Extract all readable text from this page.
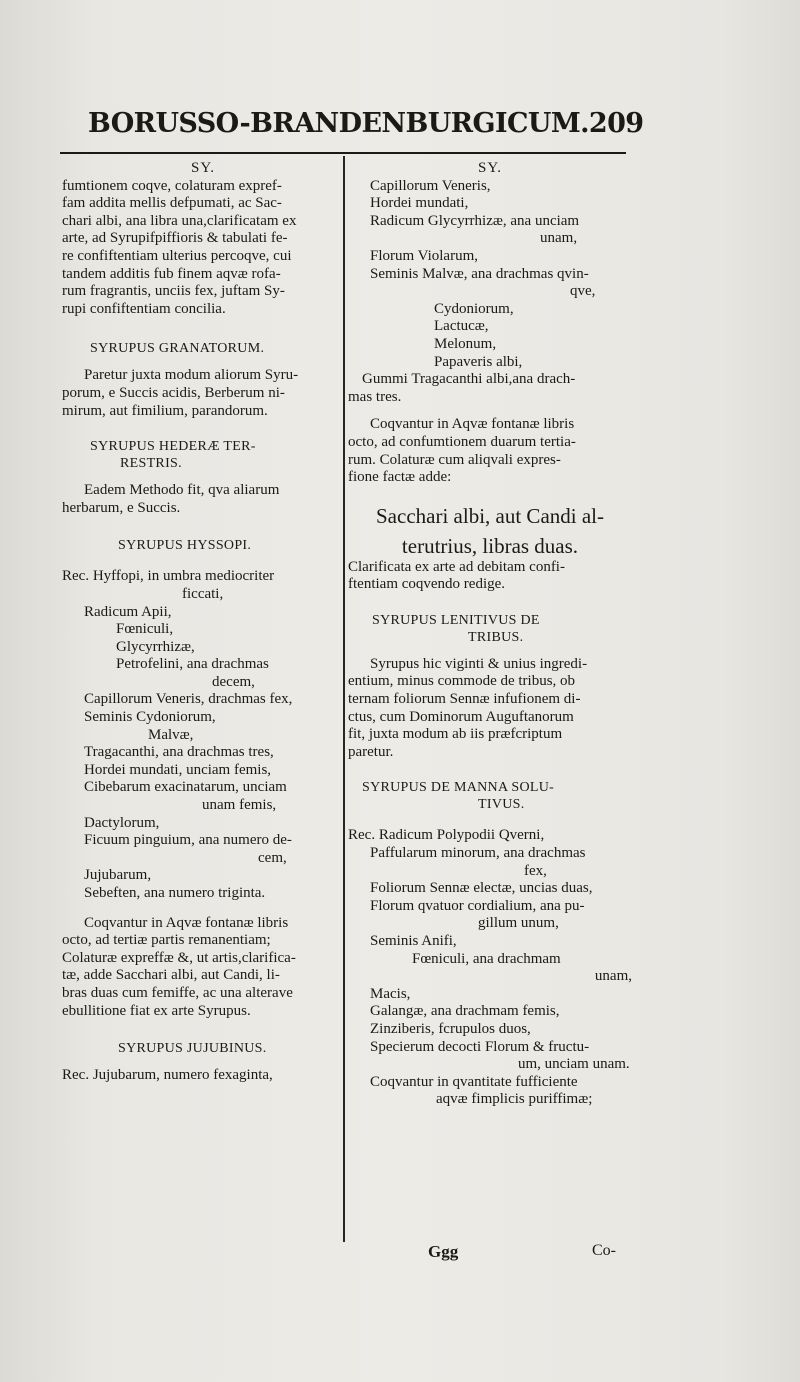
BORUSSO-BRANDENBURGICUM.209

SY.

fumtionem coqve, colaturam expref-

fam addita mellis defpumati, ac Sac-

chari albi, ana libra una,clarificatam ex

arte, ad Syrupifpiffioris & tabulati fe-

re confiftentiam ulterius percoqve, cui

tandem additis fub finem aqvæ rofa-

rum fragrantis, unciis fex, juftam Sy-

rupi confiftentiam concilia.

SYRUPUS GRANATORUM.

Paretur juxta modum aliorum Syru-

porum, e Succis acidis, Berberum ni-

mirum, aut fimilium, parandorum.

SYRUPUS HEDERÆ TER-

RESTRIS.

Eadem Methodo fit, qva aliarum

herbarum, e Succis.

SYRUPUS HYSSOPI.

Rec. Hyffopi, in umbra mediocriter

ficcati,

Radicum Apii,

Fœniculi,

Glycyrrhizæ,

Petrofelini, ana drachmas

decem,

Capillorum Veneris, drachmas fex,

Seminis Cydoniorum,

Malvæ,

Tragacanthi, ana drachmas tres,

Hordei mundati, unciam femis,

Cibebarum exacinatarum, unciam

unam femis,

Dactylorum,

Ficuum pinguium, ana numero de-

cem,

Jujubarum,

Sebeften, ana numero triginta.

Coqvantur in Aqvæ fontanæ libris

octo, ad tertiæ partis remanentiam;

Colaturæ expreffæ &, ut artis,clarifica-

tæ, adde Sacchari albi, aut Candi, li-

bras duas cum femiffe, ac una alterave

ebullitione fiat ex arte Syrupus.

SYRUPUS JUJUBINUS.

Rec. Jujubarum, numero fexaginta,

SY.

Capillorum Veneris,

Hordei mundati,

Radicum Glycyrrhizæ, ana unciam

unam,

Florum Violarum,

Seminis Malvæ, ana drachmas qvin-

qve,

Cydoniorum,

Lactucæ,

Melonum,

Papaveris albi,

Gummi Tragacanthi albi,ana drach-

mas tres.

Coqvantur in Aqvæ fontanæ libris

octo, ad confumtionem duarum tertia-

rum. Colaturæ cum aliqvali expres-

fione factæ adde:

Sacchari albi, aut Candi al-

terutrius, libras duas.

Clarificata ex arte ad debitam confi-

ftentiam coqvendo redige.

SYRUPUS LENITIVUS DE

TRIBUS.

Syrupus hic viginti & unius ingredi-

entium, minus commode de tribus, ob

ternam foliorum Sennæ infufionem di-

ctus, cum Dominorum Auguftanorum

fit, juxta modum ab iis præfcriptum

paretur.

SYRUPUS DE MANNA SOLU-

TIVUS.

Rec. Radicum Polypodii Qverni,

Paffularum minorum, ana drachmas

fex,

Foliorum Sennæ electæ, uncias duas,

Florum qvatuor cordialium, ana pu-

gillum unum,

Seminis Anifi,

Fœniculi, ana drachmam

unam,

Macis,

Galangæ, ana drachmam femis,

Zinziberis, fcrupulos duos,

Specierum decocti Florum & fructu-

um, unciam unam.

Coqvantur in qvantitate fufficiente

aqvæ fimplicis puriffimæ;

Ggg	Co-
